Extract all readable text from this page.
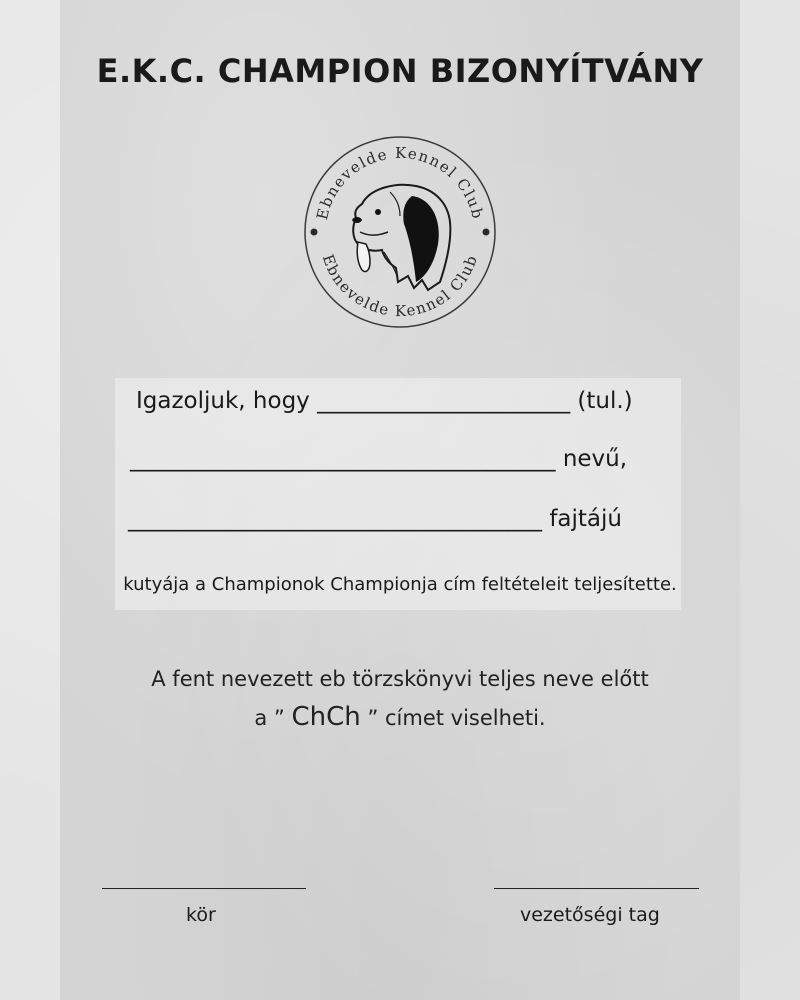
E.K.C. CHAMPION BIZONYÍTVÁNY
Ebnevelde Kennel Club
Ebnevelde Kennel Club
Igazoljuk, hogy ______________________ (tul.)
_____________________________________ nevű,
____________________________________ fajtájú
kutyája a Championok Championja cím feltételeit teljesítette.
A fent nevezett eb törzskönyvi teljes neve előtt
a ” ChCh ” címet viselheti.
kör	vezetőségi tag
